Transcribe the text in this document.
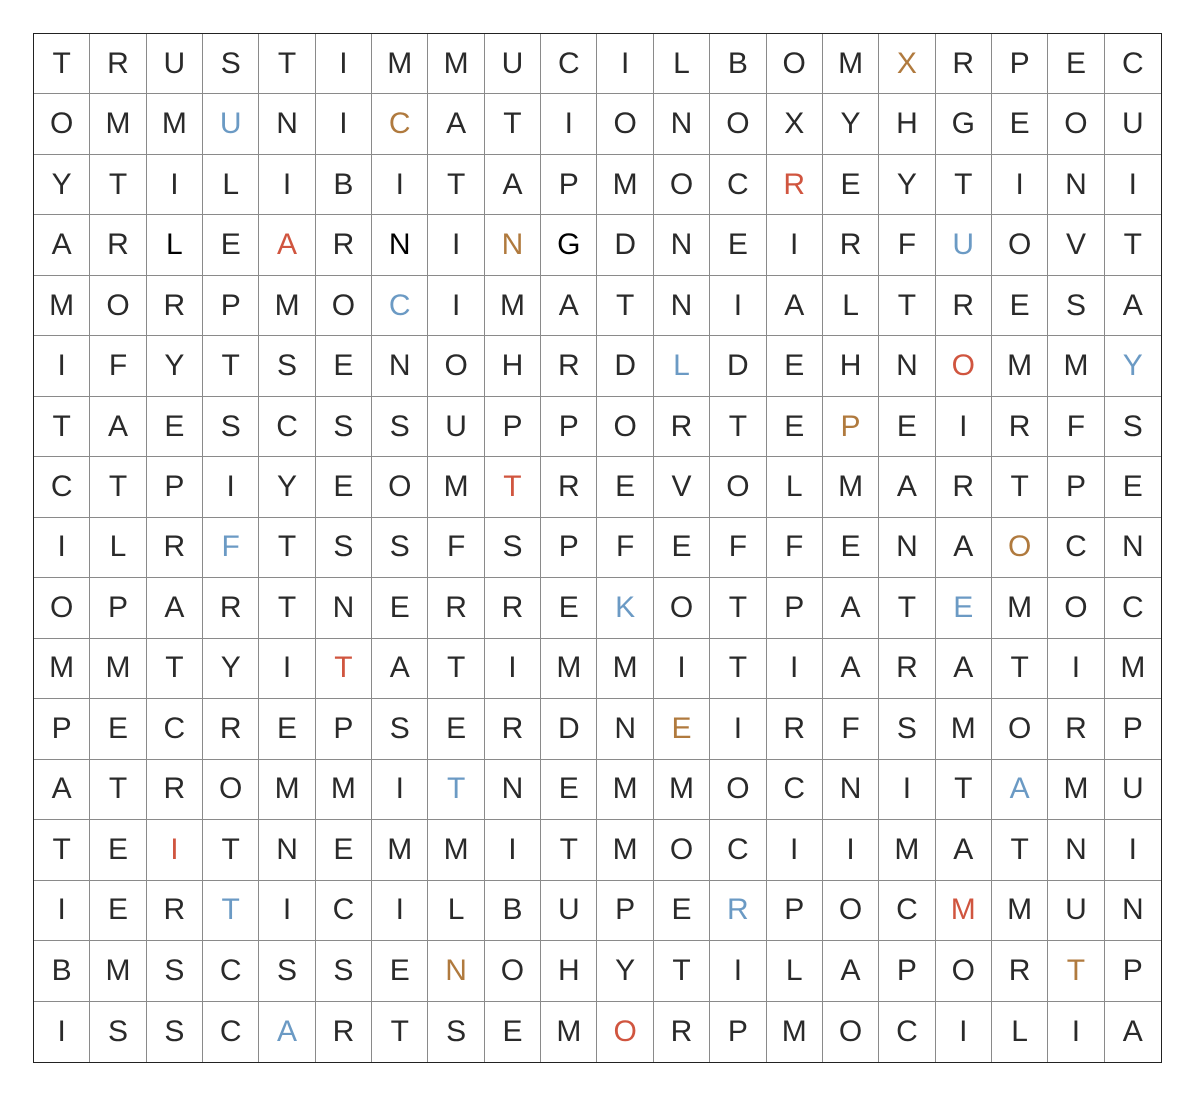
T	R	U	S	T	I	M	M	U	C	I	L	B	O	M	X	R	P	E	C
O	M	M	U	N	I	C	A	T	I	O	N	O	X	Y	H	G	E	O	U
Y	T	I	L	I	B	I	T	A	P	M	O	C	R	E	Y	T	I	N	I
A	R	L	E	A	R	N	I	N	G	D	N	E	I	R	F	U	O	V	T
M	O	R	P	M	O	C	I	M	A	T	N	I	A	L	T	R	E	S	A
I	F	Y	T	S	E	N	O	H	R	D	L	D	E	H	N	O	M	M	Y
T	A	E	S	C	S	S	U	P	P	O	R	T	E	P	E	I	R	F	S
C	T	P	I	Y	E	O	M	T	R	E	V	O	L	M	A	R	T	P	E
I	L	R	F	T	S	S	F	S	P	F	E	F	F	E	N	A	O	C	N
O	P	A	R	T	N	E	R	R	E	K	O	T	P	A	T	E	M	O	C
M	M	T	Y	I	T	A	T	I	M	M	I	T	I	A	R	A	T	I	M
P	E	C	R	E	P	S	E	R	D	N	E	I	R	F	S	M	O	R	P
A	T	R	O	M	M	I	T	N	E	M	M	O	C	N	I	T	A	M	U
T	E	I	T	N	E	M	M	I	T	M	O	C	I	I	M	A	T	N	I
I	E	R	T	I	C	I	L	B	U	P	E	R	P	O	C	M	M	U	N
B	M	S	C	S	S	E	N	O	H	Y	T	I	L	A	P	O	R	T	P
I	S	S	C	A	R	T	S	E	M	O	R	P	M	O	C	I	L	I	A
